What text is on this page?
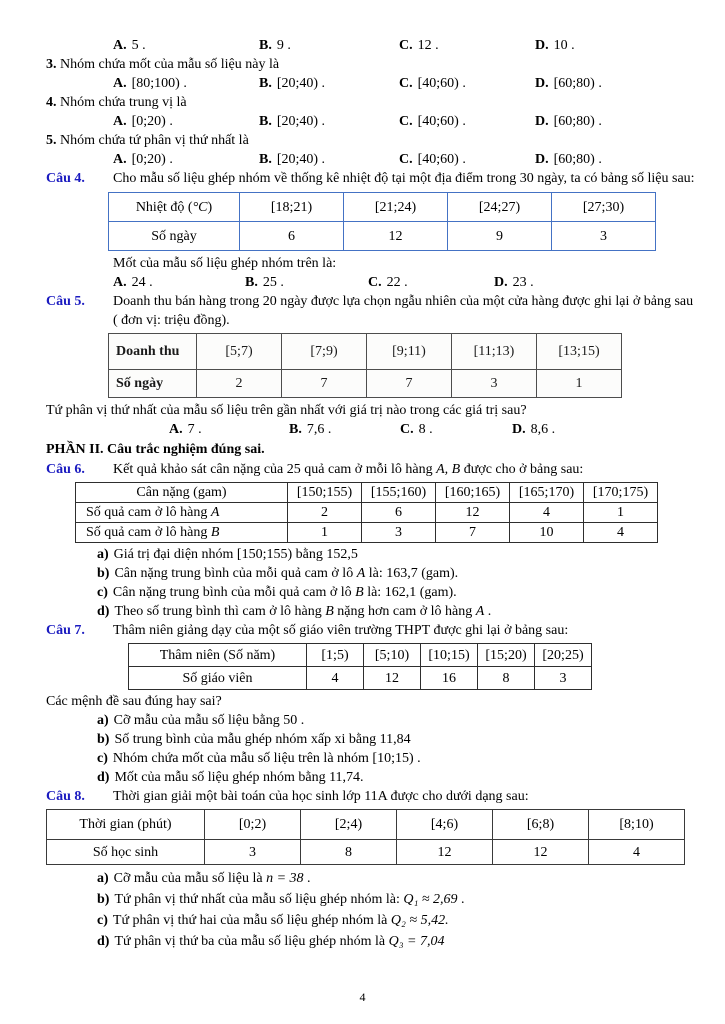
A. 5 .	B. 9 .	C. 12 .	D. 10 .
3. Nhóm chứa mốt của mẫu số liệu này là
A. [80;100) .	B. [20;40) .	C. [40;60) .	D. [60;80) .
4. Nhóm chứa trung vị là
A. [0;20) .	B. [20;40) .	C. [40;60) .	D. [60;80) .
5. Nhóm chứa tứ phân vị thứ nhất là
A. [0;20) .	B. [20;40) .	C. [40;60) .	D. [60;80) .
Câu 4.	Cho mẫu số liệu ghép nhóm về thống kê nhiệt độ tại một địa điểm trong 30 ngày, ta có bảng số liệu sau:
Nhiệt độ (°C)	[18;21)	[21;24)	[24;27)	[27;30)
Số ngày	6	12	9	3
Mốt của mẫu số liệu ghép nhóm trên là:
A. 24 .	B. 25 .	C. 22 .	D. 23 .
Câu 5.	Doanh thu bán hàng trong 20 ngày được lựa chọn ngẫu nhiên của một cửa hàng được ghi lại ở bảng sau ( đơn vị: triệu đồng).
Doanh thu	[5;7)	[7;9)	[9;11)	[11;13)	[13;15)
Số ngày	2	7	7	3	1
Tứ phân vị thứ nhất của mẫu số liệu trên gần nhất với giá trị nào trong các giá trị sau?
A. 7 .	B. 7,6 .	C. 8 .	D. 8,6 .
PHẦN II. Câu trắc nghiệm đúng sai.
Câu 6.	Kết quả khảo sát cân nặng của 25 quả cam ở mỗi lô hàng A, B được cho ở bảng sau:
Cân nặng (gam)	[150;155)	[155;160)	[160;165)	[165;170)	[170;175)
Số quả cam ở lô hàng A	2	6	12	4	1
Số quả cam ở lô hàng B	1	3	7	10	4
a) Giá trị đại diện nhóm [150;155) bằng 152,5
b) Cân nặng trung bình của mỗi quả cam ở lô A là: 163,7 (gam).
c) Cân nặng trung bình của mỗi quả cam ở lô B là: 162,1 (gam).
d) Theo số trung bình thì cam ở lô hàng B nặng hơn cam ở lô hàng A .
Câu 7.	Thâm niên giảng dạy của một số giáo viên trường THPT được ghi lại ở bảng sau:
Thâm niên (Số năm)	[1;5)	[5;10)	[10;15)	[15;20)	[20;25)
Số giáo viên	4	12	16	8	3
Các mệnh đề sau đúng hay sai?
a) Cỡ mẫu của mẫu số liệu bằng 50 .
b) Số trung bình của mẫu ghép nhóm xấp xi bằng 11,84
c) Nhóm chứa mốt của mẫu số liệu trên là nhóm [10;15) .
d) Mốt của mẫu số liệu ghép nhóm bằng 11,74.
Câu 8.	Thời gian giải một bài toán của học sinh lớp 11A được cho dưới dạng sau:
Thời gian (phút)	[0;2)	[2;4)	[4;6)	[6;8)	[8;10)
Số học sinh	3	8	12	12	4
a) Cỡ mẫu của mẫu số liệu là n = 38 .
b) Tứ phân vị thứ nhất của mẫu số liệu ghép nhóm là: Q₁ ≈ 2,69 .
c) Tứ phân vị thứ hai của mẫu số liệu ghép nhóm là Q₂ ≈ 5,42.
d) Tứ phân vị thứ ba của mẫu số liệu ghép nhóm là Q₃ = 7,04
4
